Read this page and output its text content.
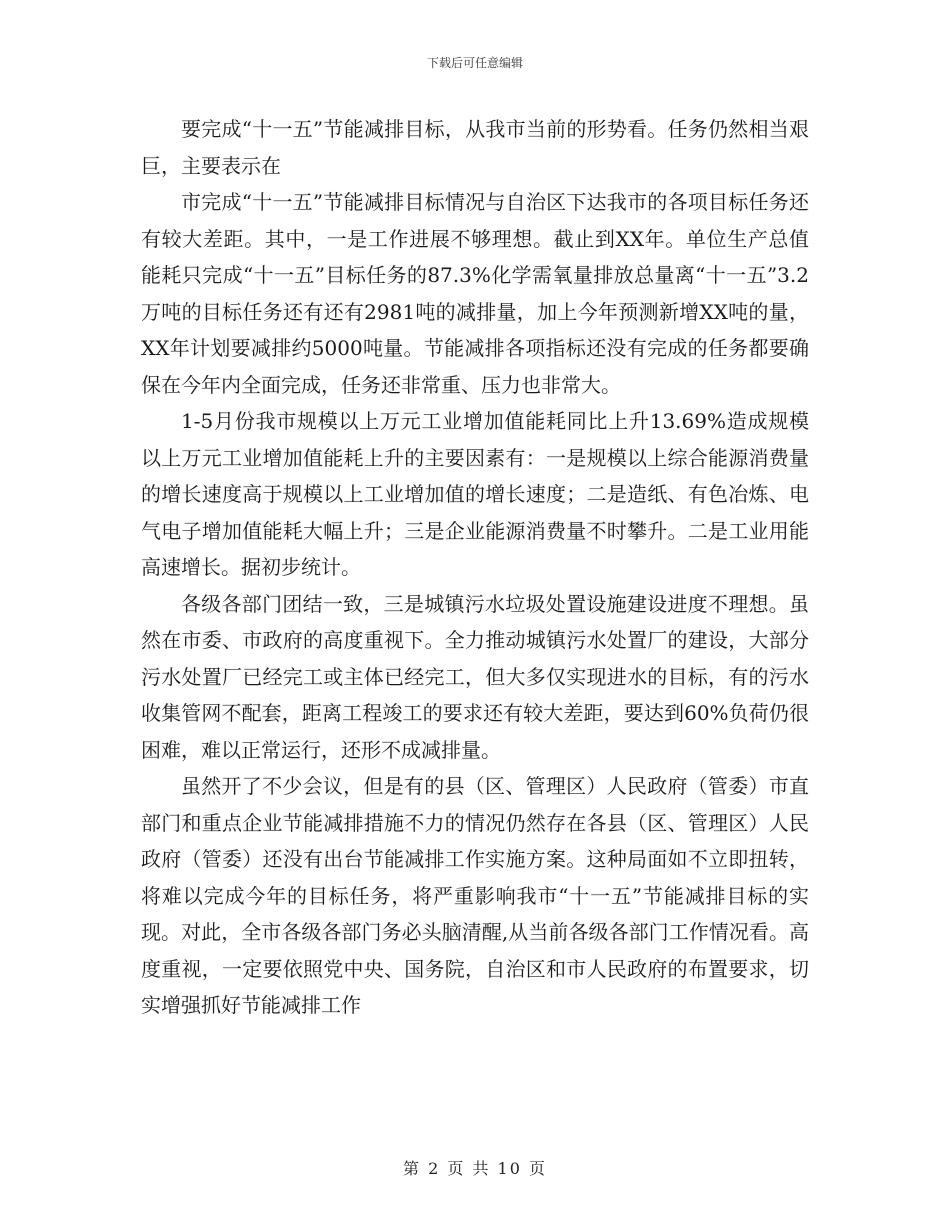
下载后可任意编辑

要完成“十一五”节能减排目标，从我市当前的形势看。任务仍然相当艰巨，主要表示在

市完成“十一五”节能减排目标情况与自治区下达我市的各项目标任务还有较大差距。其中，一是工作进展不够理想。截止到XX年。单位生产总值能耗只完成“十一五”目标任务的87.3%化学需氧量排放总量离“十一五”3.2万吨的目标任务还有还有2981吨的减排量，加上今年预测新增XX吨的量，XX年计划要减排约5000吨量。节能减排各项指标还没有完成的任务都要确保在今年内全面完成，任务还非常重、压力也非常大。

1-5月份我市规模以上万元工业增加值能耗同比上升13.69%造成规模以上万元工业增加值能耗上升的主要因素有：一是规模以上综合能源消费量的增长速度高于规模以上工业增加值的增长速度；二是造纸、有色冶炼、电气电子增加值能耗大幅上升；三是企业能源消费量不时攀升。二是工业用能高速增长。据初步统计。

各级各部门团结一致，三是城镇污水垃圾处置设施建设进度不理想。虽然在市委、市政府的高度重视下。全力推动城镇污水处置厂的建设，大部分污水处置厂已经完工或主体已经完工，但大多仅实现进水的目标，有的污水收集管网不配套，距离工程竣工的要求还有较大差距，要达到60%负荷仍很困难，难以正常运行，还形不成减排量。

虽然开了不少会议，但是有的县（区、管理区）人民政府（管委）市直部门和重点企业节能减排措施不力的情况仍然存在各县（区、管理区）人民政府（管委）还没有出台节能减排工作实施方案。这种局面如不立即扭转，将难以完成今年的目标任务，将严重影响我市“十一五”节能减排目标的实现。对此，全市各级各部门务必头脑清醒,从当前各级各部门工作情况看。高度重视，一定要依照党中央、国务院，自治区和市人民政府的布置要求，切实增强抓好节能减排工作

第 2 页 共 10 页
